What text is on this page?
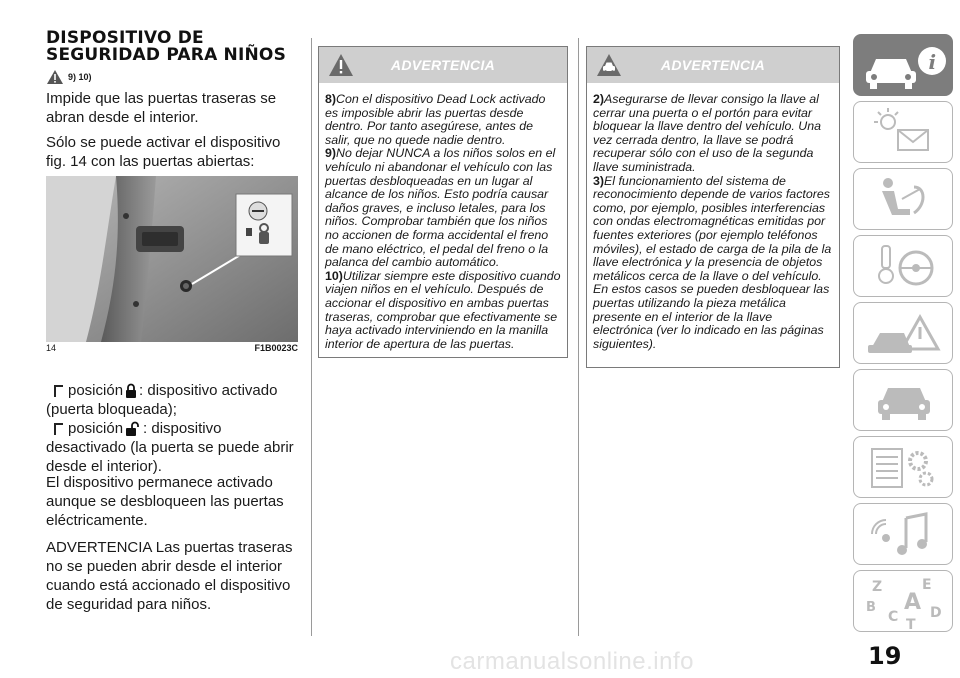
DISPOSITIVO DE
SEGURIDAD PARA NIÑOS
9) 10)
Impide que las puertas traseras se abran desde el interior.
Sólo se puede activar el dispositivo fig. 14 con las puertas abiertas:
14	F1B0023C
posición : dispositivo activado
(puerta bloqueada);
posición : dispositivo
desactivado (la puerta se puede abrir desde el interior).
El dispositivo permanece activado aunque se desbloqueen las puertas eléctricamente.
ADVERTENCIA Las puertas traseras no se pueden abrir desde el interior cuando está accionado el dispositivo de seguridad para niños.
ADVERTENCIA
8)Con el dispositivo Dead Lock activado es imposible abrir las puertas desde dentro. Por tanto asegúrese, antes de salir, que no quede nadie dentro.
9)No dejar NUNCA a los niños solos en el vehículo ni abandonar el vehículo con las puertas desbloqueadas en un lugar al alcance de los niños. Esto podría causar daños graves, e incluso letales, para los niños. Comprobar también que los niños no accionen de forma accidental el freno de mano eléctrico, el pedal del freno o la palanca del cambio automático.
10)Utilizar siempre este dispositivo cuando viajen niños en el vehículo. Después de accionar el dispositivo en ambas puertas traseras, comprobar que efectivamente se haya activado interviniendo en la manilla interior de apertura de las puertas.
ADVERTENCIA
2)Asegurarse de llevar consigo la llave al cerrar una puerta o el portón para evitar bloquear la llave dentro del vehículo. Una vez cerrada dentro, la llave se podrá recuperar sólo con el uso de la segunda llave suministrada.
3)El funcionamiento del sistema de reconocimiento depende de varios factores como, por ejemplo, posibles interferencias con ondas electromagnéticas emitidas por fuentes exteriores (por ejemplo teléfonos móviles), el estado de carga de la pila de la llave electrónica y la presencia de objetos metálicos cerca de la llave o del vehículo. En estos casos se pueden desbloquear las puertas utilizando la pieza metálica presente en el interior de la llave electrónica (ver lo indicado en las páginas siguientes).
i
Z	E
B A
C T
D
carmanualsonline.info	19
